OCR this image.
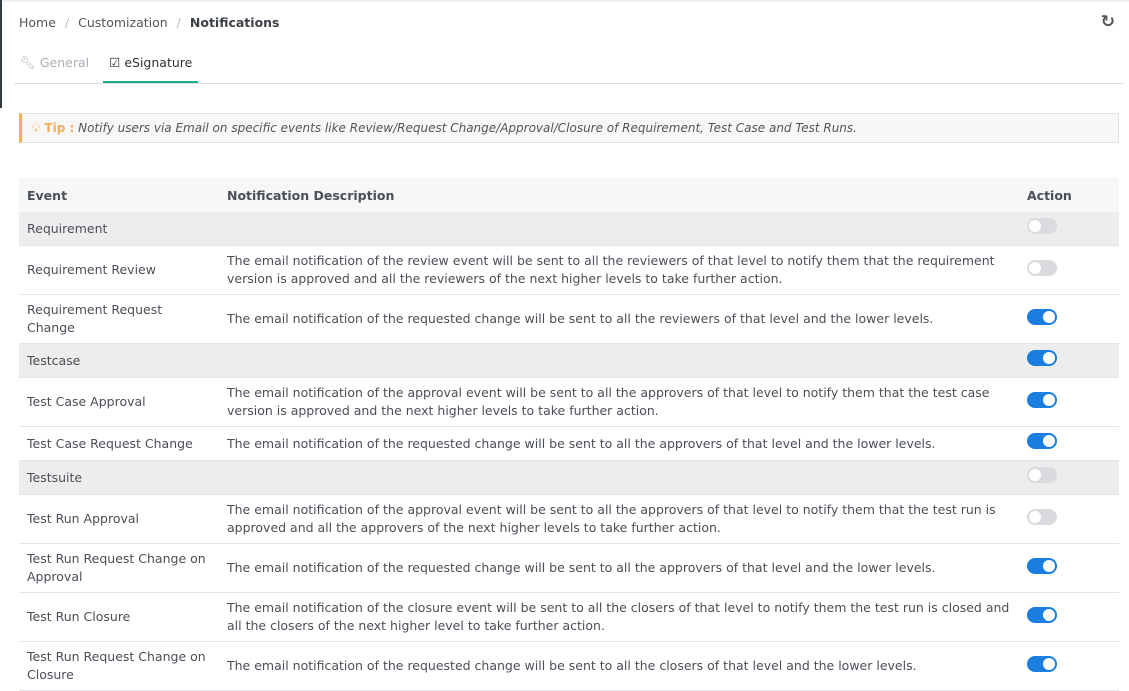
Home / Customization / Notifications	↻
🔧︎ General	☑ eSignature
💡︎ Tip : Notify users via Email on specific events like Review/Request Change/Approval/Closure of Requirement, Test Case and Test Runs.
Event	Notification Description	Action
Requirement		
Requirement Review	The email notification of the review event will be sent to all the reviewers of that level to notify them that the requirement version is approved and all the reviewers of the next higher levels to take further action.	
Requirement Request Change	The email notification of the requested change will be sent to all the reviewers of that level and the lower levels.	
Testcase		
Test Case Approval	The email notification of the approval event will be sent to all the approvers of that level to notify them that the test case version is approved and the next higher levels to take further action.	
Test Case Request Change	The email notification of the requested change will be sent to all the approvers of that level and the lower levels.	
Testsuite		
Test Run Approval	The email notification of the approval event will be sent to all the approvers of that level to notify them that the test run is approved and all the approvers of the next higher levels to take further action.	
Test Run Request Change on Approval	The email notification of the requested change will be sent to all the approvers of that level and the lower levels.	
Test Run Closure	The email notification of the closure event will be sent to all the closers of that level to notify them the test run is closed and all the closers of the next higher level to take further action.	
Test Run Request Change on Closure	The email notification of the requested change will be sent to all the closers of that level and the lower levels.	
